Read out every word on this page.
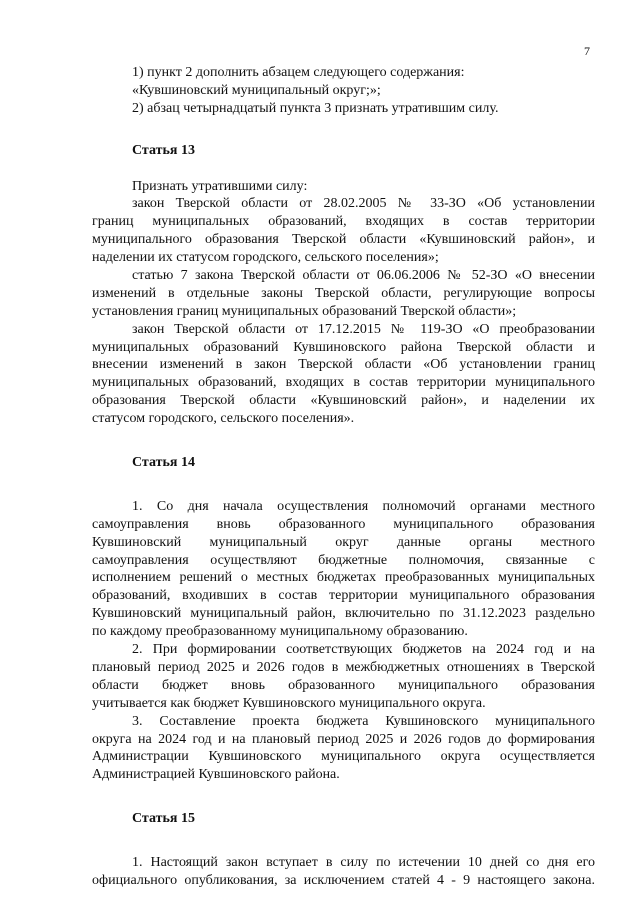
7
1) пункт 2 дополнить абзацем следующего содержания:
«Кувшиновский муниципальный округ;»;
2) абзац четырнадцатый пункта 3 признать утратившим силу.
Статья 13
Признать утратившими силу:
закон Тверской области от 28.02.2005 № 33-ЗО «Об установлении
границ муниципальных образований, входящих в состав территории
муниципального образования Тверской области «Кувшиновский район», и
наделении их статусом городского, сельского поселения»;
статью 7 закона Тверской области от 06.06.2006 № 52-ЗО «О внесении
изменений в отдельные законы Тверской области, регулирующие вопросы
установления границ муниципальных образований Тверской области»;
закон Тверской области от 17.12.2015 № 119-ЗО «О преобразовании
муниципальных образований Кувшиновского района Тверской области и
внесении изменений в закон Тверской области «Об установлении границ
муниципальных образований, входящих в состав территории муниципального
образования Тверской области «Кувшиновский район», и наделении их
статусом городского, сельского поселения».
Статья 14
1. Со дня начала осуществления полномочий органами местного
самоуправления вновь образованного муниципального образования
Кувшиновский муниципальный округ данные органы местного
самоуправления осуществляют бюджетные полномочия, связанные с
исполнением решений о местных бюджетах преобразованных муниципальных
образований, входивших в состав территории муниципального образования
Кувшиновский муниципальный район, включительно по 31.12.2023 раздельно
по каждому преобразованному муниципальному образованию.
2. При формировании соответствующих бюджетов на 2024 год и на
плановый период 2025 и 2026 годов в межбюджетных отношениях в Тверской
области бюджет вновь образованного муниципального образования
учитывается как бюджет Кувшиновского муниципального округа.
3. Составление проекта бюджета Кувшиновского муниципального
округа на 2024 год и на плановый период 2025 и 2026 годов до формирования
Администрации Кувшиновского муниципального округа осуществляется
Администрацией Кувшиновского района.
Статья 15
1. Настоящий закон вступает в силу по истечении 10 дней со дня его
официального опубликования, за исключением статей 4 - 9 настоящего закона.
